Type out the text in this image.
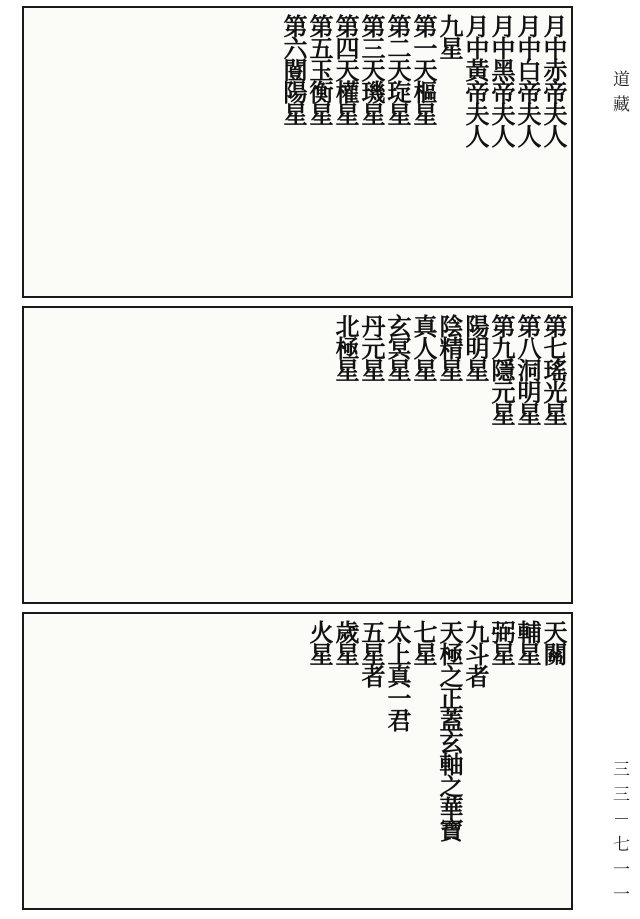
道藏
三三－七一一
月中赤帝夫人
月中白帝夫人
月中黑帝夫人
月中黃帝夫人
九星
第一天樞星
第二天琁星
第三天璣星
第四天權星
第五玉衡星
第六闓陽星
第七瑤光星
第八洞明星
第九隱元星
陽明星
陰精星
真人星
玄冥星
丹元星
北極星
天關
輔星
弼星
九斗者
天極之正蓋玄軸之華寶
七星
太上真一君
五星者
歲星
火星
